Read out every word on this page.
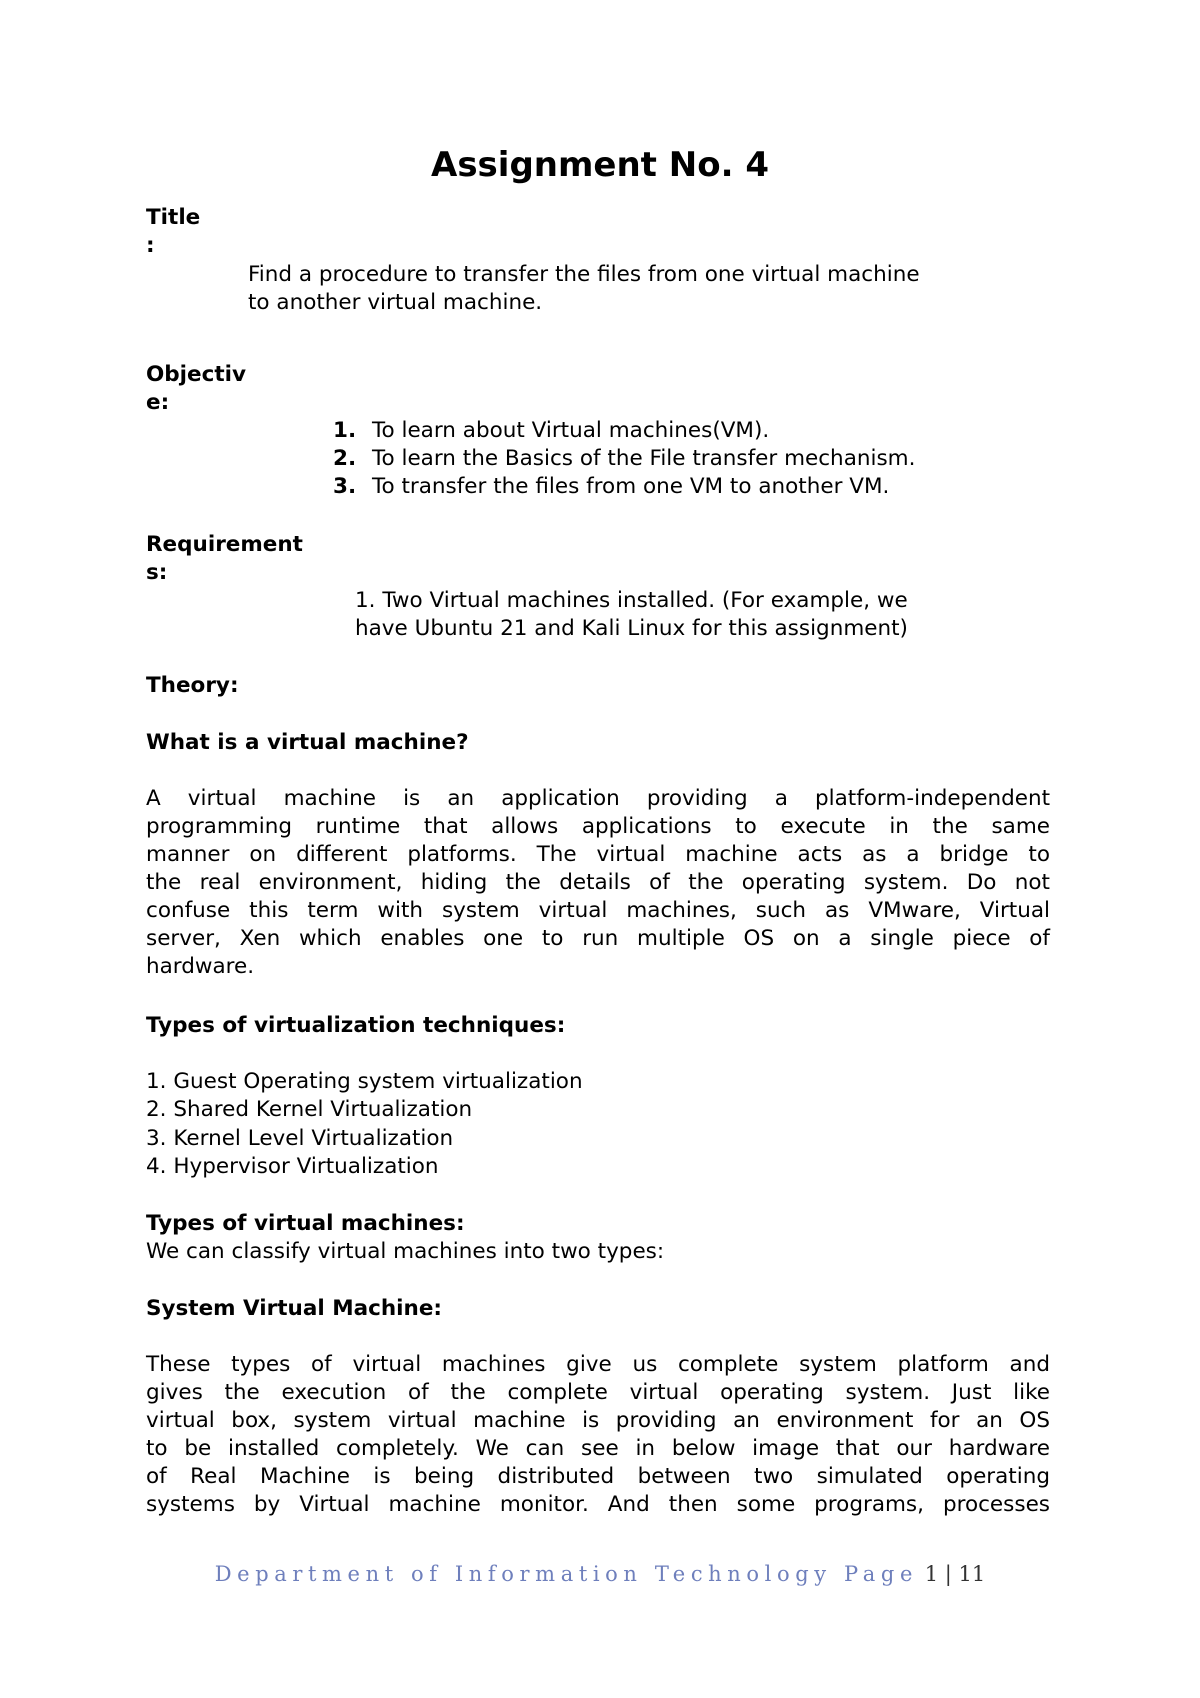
Assignment No. 4
Title
:
Find a procedure to transfer the files from one virtual machine
to another virtual machine.
Objectiv
e:
1. To learn about Virtual machines(VM).
2. To learn the Basics of the File transfer mechanism.
3. To transfer the files from one VM to another VM.
Requirement
s:
1. Two Virtual machines installed. (For example, we
have Ubuntu 21 and Kali Linux for this assignment)
Theory:
What is a virtual machine?
A virtual machine is an application providing a platform-independent
programming runtime that allows applications to execute in the same
manner on different platforms. The virtual machine acts as a bridge to
the real environment, hiding the details of the operating system. Do not
confuse this term with system virtual machines, such as VMware, Virtual
server, Xen which enables one to run multiple OS on a single piece of
hardware.
Types of virtualization techniques:
1. Guest Operating system virtualization
2. Shared Kernel Virtualization
3. Kernel Level Virtualization
4. Hypervisor Virtualization
Types of virtual machines:
We can classify virtual machines into two types:
System Virtual Machine:
These types of virtual machines give us complete system platform and
gives the execution of the complete virtual operating system. Just like
virtual box, system virtual machine is providing an environment for an OS
to be installed completely. We can see in below image that our hardware
of Real Machine is being distributed between two simulated operating
systems by Virtual machine monitor. And then some programs, processes
Department of Information Technology Page 1 | 11
